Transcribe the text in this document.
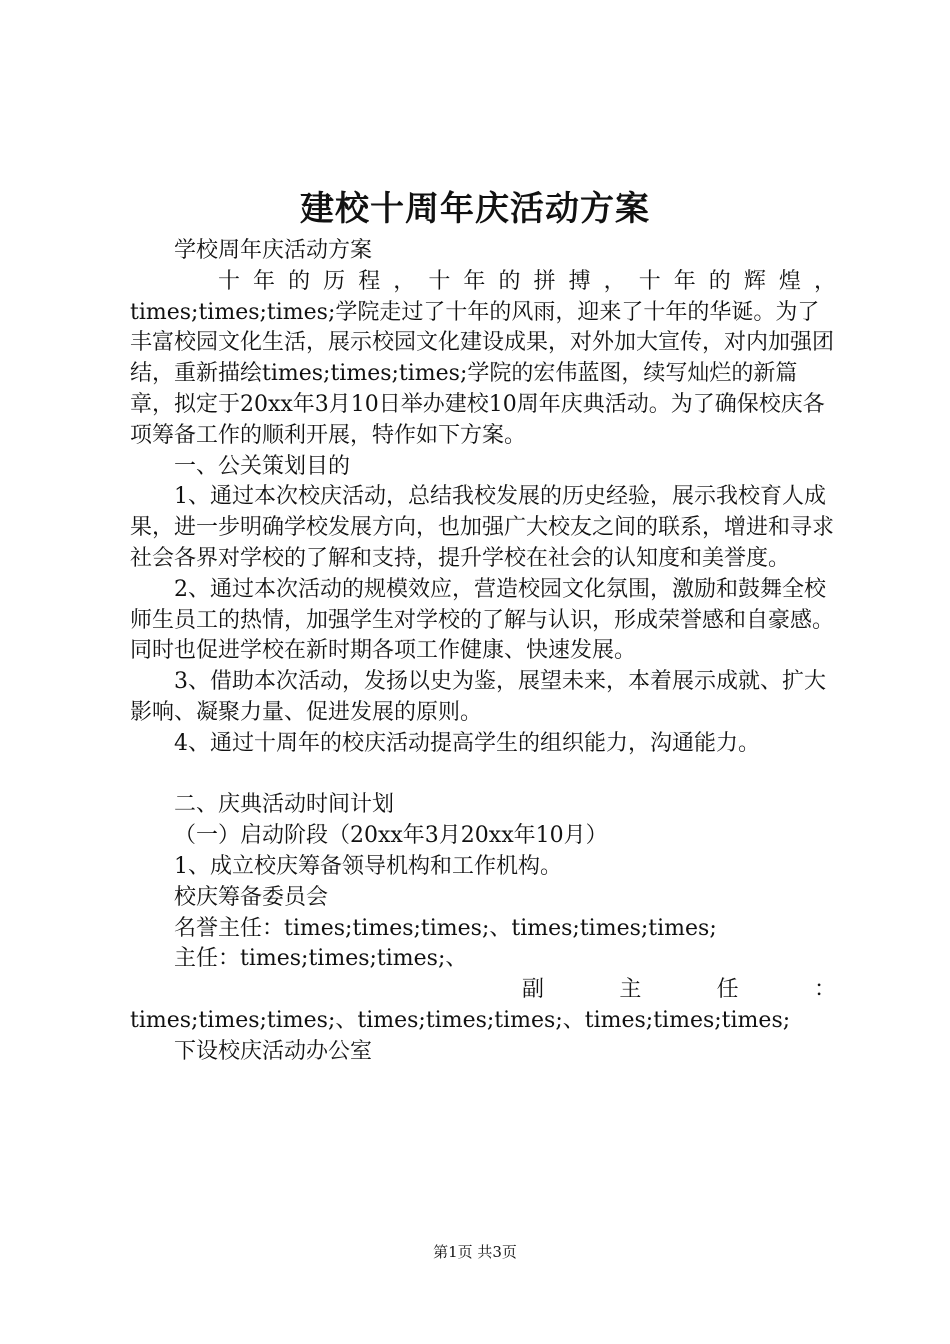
建校十周年庆活动方案

学校周年庆活动方案

十年的历程，十年的拼搏，十年的辉煌，

times;times;times;学院走过了十年的风雨，迎来了十年的华诞。为了丰富校园文化生活，展示校园文化建设成果，对外加大宣传，对内加强团结，重新描绘times;times;times;学院的宏伟蓝图，续写灿烂的新篇章，拟定于20xx年3月10日举办建校10周年庆典活动。为了确保校庆各项筹备工作的顺利开展，特作如下方案。

一、公关策划目的

1、通过本次校庆活动，总结我校发展的历史经验，展示我校育人成果，进一步明确学校发展方向，也加强广大校友之间的联系，增进和寻求社会各界对学校的了解和支持，提升学校在社会的认知度和美誉度。

2、通过本次活动的规模效应，营造校园文化氛围，激励和鼓舞全校师生员工的热情，加强学生对学校的了解与认识，形成荣誉感和自豪感。同时也促进学校在新时期各项工作健康、快速发展。

3、借助本次活动，发扬以史为鉴，展望未来，本着展示成就、扩大影响、凝聚力量、促进发展的原则。

4、通过十周年的校庆活动提高学生的组织能力，沟通能力。

二、庆典活动时间计划

（一）启动阶段（20xx年3月20xx年10月）

1、成立校庆筹备领导机构和工作机构。

校庆筹备委员会

名誉主任：times;times;times;、times;times;times;

主任：times;times;times;、

副主任：

times;times;times;、times;times;times;、times;times;times;

下设校庆活动办公室

第1页 共3页
